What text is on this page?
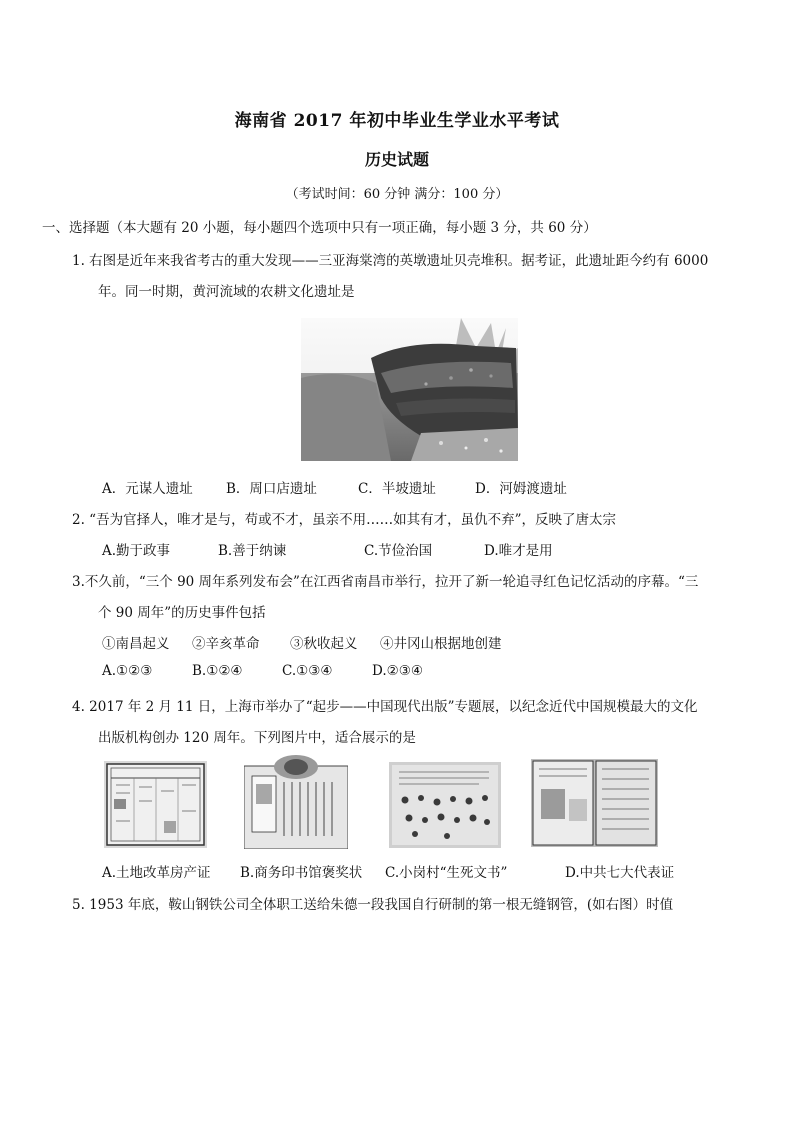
海南省 2017 年初中毕业生学业水平考试
历史试题
（考试时间：60 分钟 满分：100 分）
一、选择题（本大题有 20 小题，每小题四个选项中只有一项正确，每小题 3 分，共 60 分）
1. 右图是近年来我省考古的重大发现——三亚海棠湾的英墩遗址贝壳堆积。据考证，此遗址距今约有 6000
年。同一时期，黄河流域的农耕文化遗址是
A．元谋人遗址 B．周口店遗址	C．半坡遗址	D．河姆渡遗址
2. “吾为官择人，唯才是与，苟或不才，虽亲不用……如其有才，虽仇不弃”，反映了唐太宗
A.勤于政事	B.善于纳谏	C.节俭治国	D.唯才是用
3.不久前，“三个 90 周年系列发布会”在江西省南昌市举行，拉开了新一轮追寻红色记忆活动的序幕。“三
个 90 周年”的历史事件包括
①南昌起义 ②辛亥革命 ③秋收起义 ④井冈山根据地创建
A.①②③	B.①②④	C.①③④	D.②③④
4. 2017 年 2 月 11 日，上海市举办了“起步——中国现代出版”专题展，以纪念近代中国规模最大的文化
出版机构创办 120 周年。下列图片中，适合展示的是
A.土地改革房产证 B.商务印书馆褒奖状 C.小岗村“生死文书”	D.中共七大代表证
5. 1953 年底，鞍山钢铁公司全体职工送给朱德一段我国自行研制的第一根无缝钢管，(如右图）时值
